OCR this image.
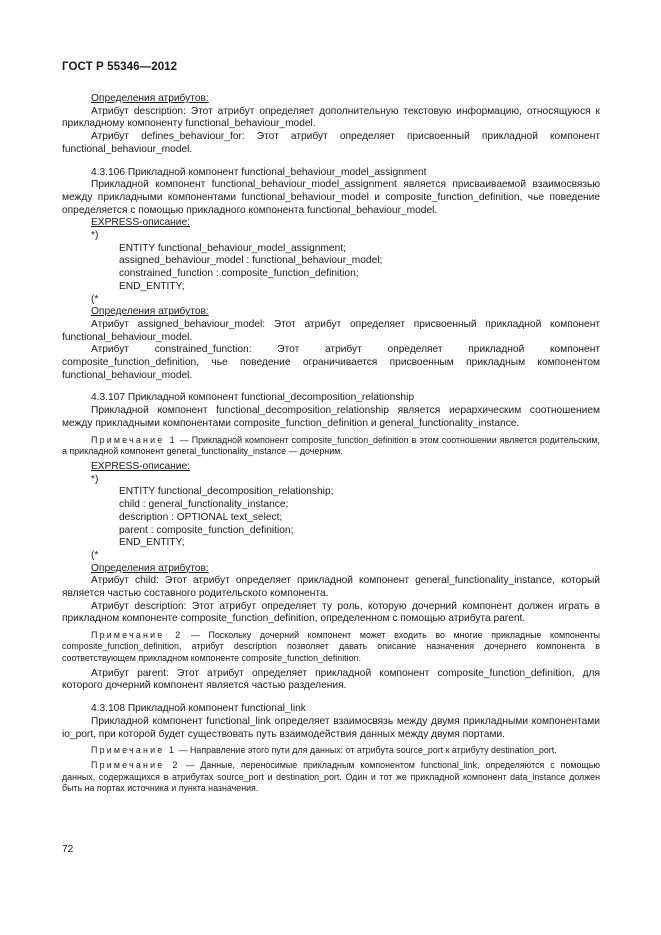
ГОСТ Р 55346—2012

Определения атрибутов:

Атрибут description: Этот атрибут определяет дополнительную текстовую информацию, относящуюся к прикладному компоненту functional_behaviour_model.

Атрибут defines_behaviour_for: Этот атрибут определяет присвоенный прикладной компонент functional_behaviour_model.

4.3.106 Прикладной компонент functional_behaviour_model_assignment

Прикладной компонент functional_behaviour_model_assignment является присваиваемой взаимосвязью между прикладными компонентами functional_behaviour_model и composite_function_definition, чье поведение определяется с помощью прикладного компонента functional_behaviour_model.

EXPRESS-описание:

*)
ENTITY functional_behaviour_model_assignment;
assigned_behaviour_model : functional_behaviour_model;
constrained_function : composite_function_definition;
END_ENTITY;
(*

Определения атрибутов:

Атрибут assigned_behaviour_model: Этот атрибут определяет присвоенный прикладной компонент functional_behaviour_model.

Атрибут constrained_function: Этот атрибут определяет прикладной компонент composite_function_definition, чье поведение ограничивается присвоенным прикладным компонентом functional_behaviour_model.

4.3.107 Прикладной компонент functional_decomposition_relationship

Прикладной компонент functional_decomposition_relationship является иерархическим соотношением между прикладными компонентами composite_function_definition и general_functionality_instance.

Примечание 1 — Прикладной компонент composite_function_definition в этом соотношении является родительским, а прикладной компонент general_functionality_instance — дочерним.

EXPRESS-описание:

*)
ENTITY functional_decomposition_relationship;
child : general_functionality_instance;
description : OPTIONAL text_select;
parent : composite_function_definition;
END_ENTITY;
(*

Определения атрибутов:

Атрибут child: Этот атрибут определяет прикладной компонент general_functionality_instance, который является частью составного родительского компонента.

Атрибут description: Этот атрибут определяет ту роль, которую дочерний компонент должен играть в прикладном компоненте composite_function_definition, определенном с помощью атрибута parent.

Примечание 2 — Поскольку дочерний компонент может входить во многие прикладные компоненты composite_function_definition, атрибут description позволяет давать описание назначения дочернего компонента в соответствующем прикладном компоненте composite_function_definition.

Атрибут parent: Этот атрибут определяет прикладной компонент composite_function_definition, для которого дочерний компонент является частью разделения.

4.3.108 Прикладной компонент functional_link

Прикладной компонент functional_link определяет взаимосвязь между двумя прикладными компонентами io_port, при которой будет существовать путь взаимодействия данных между двумя портами.

Примечание 1 — Направление этого пути для данных: от атрибута source_port к атрибуту destination_port.

Примечание 2 — Данные, переносимые прикладным компонентом functional_link, определяются с помощью данных, содержащихся в атрибутах source_port и destination_port. Один и тот же прикладной компонент data_instance должен быть на портах источника и пункта назначения.

72
